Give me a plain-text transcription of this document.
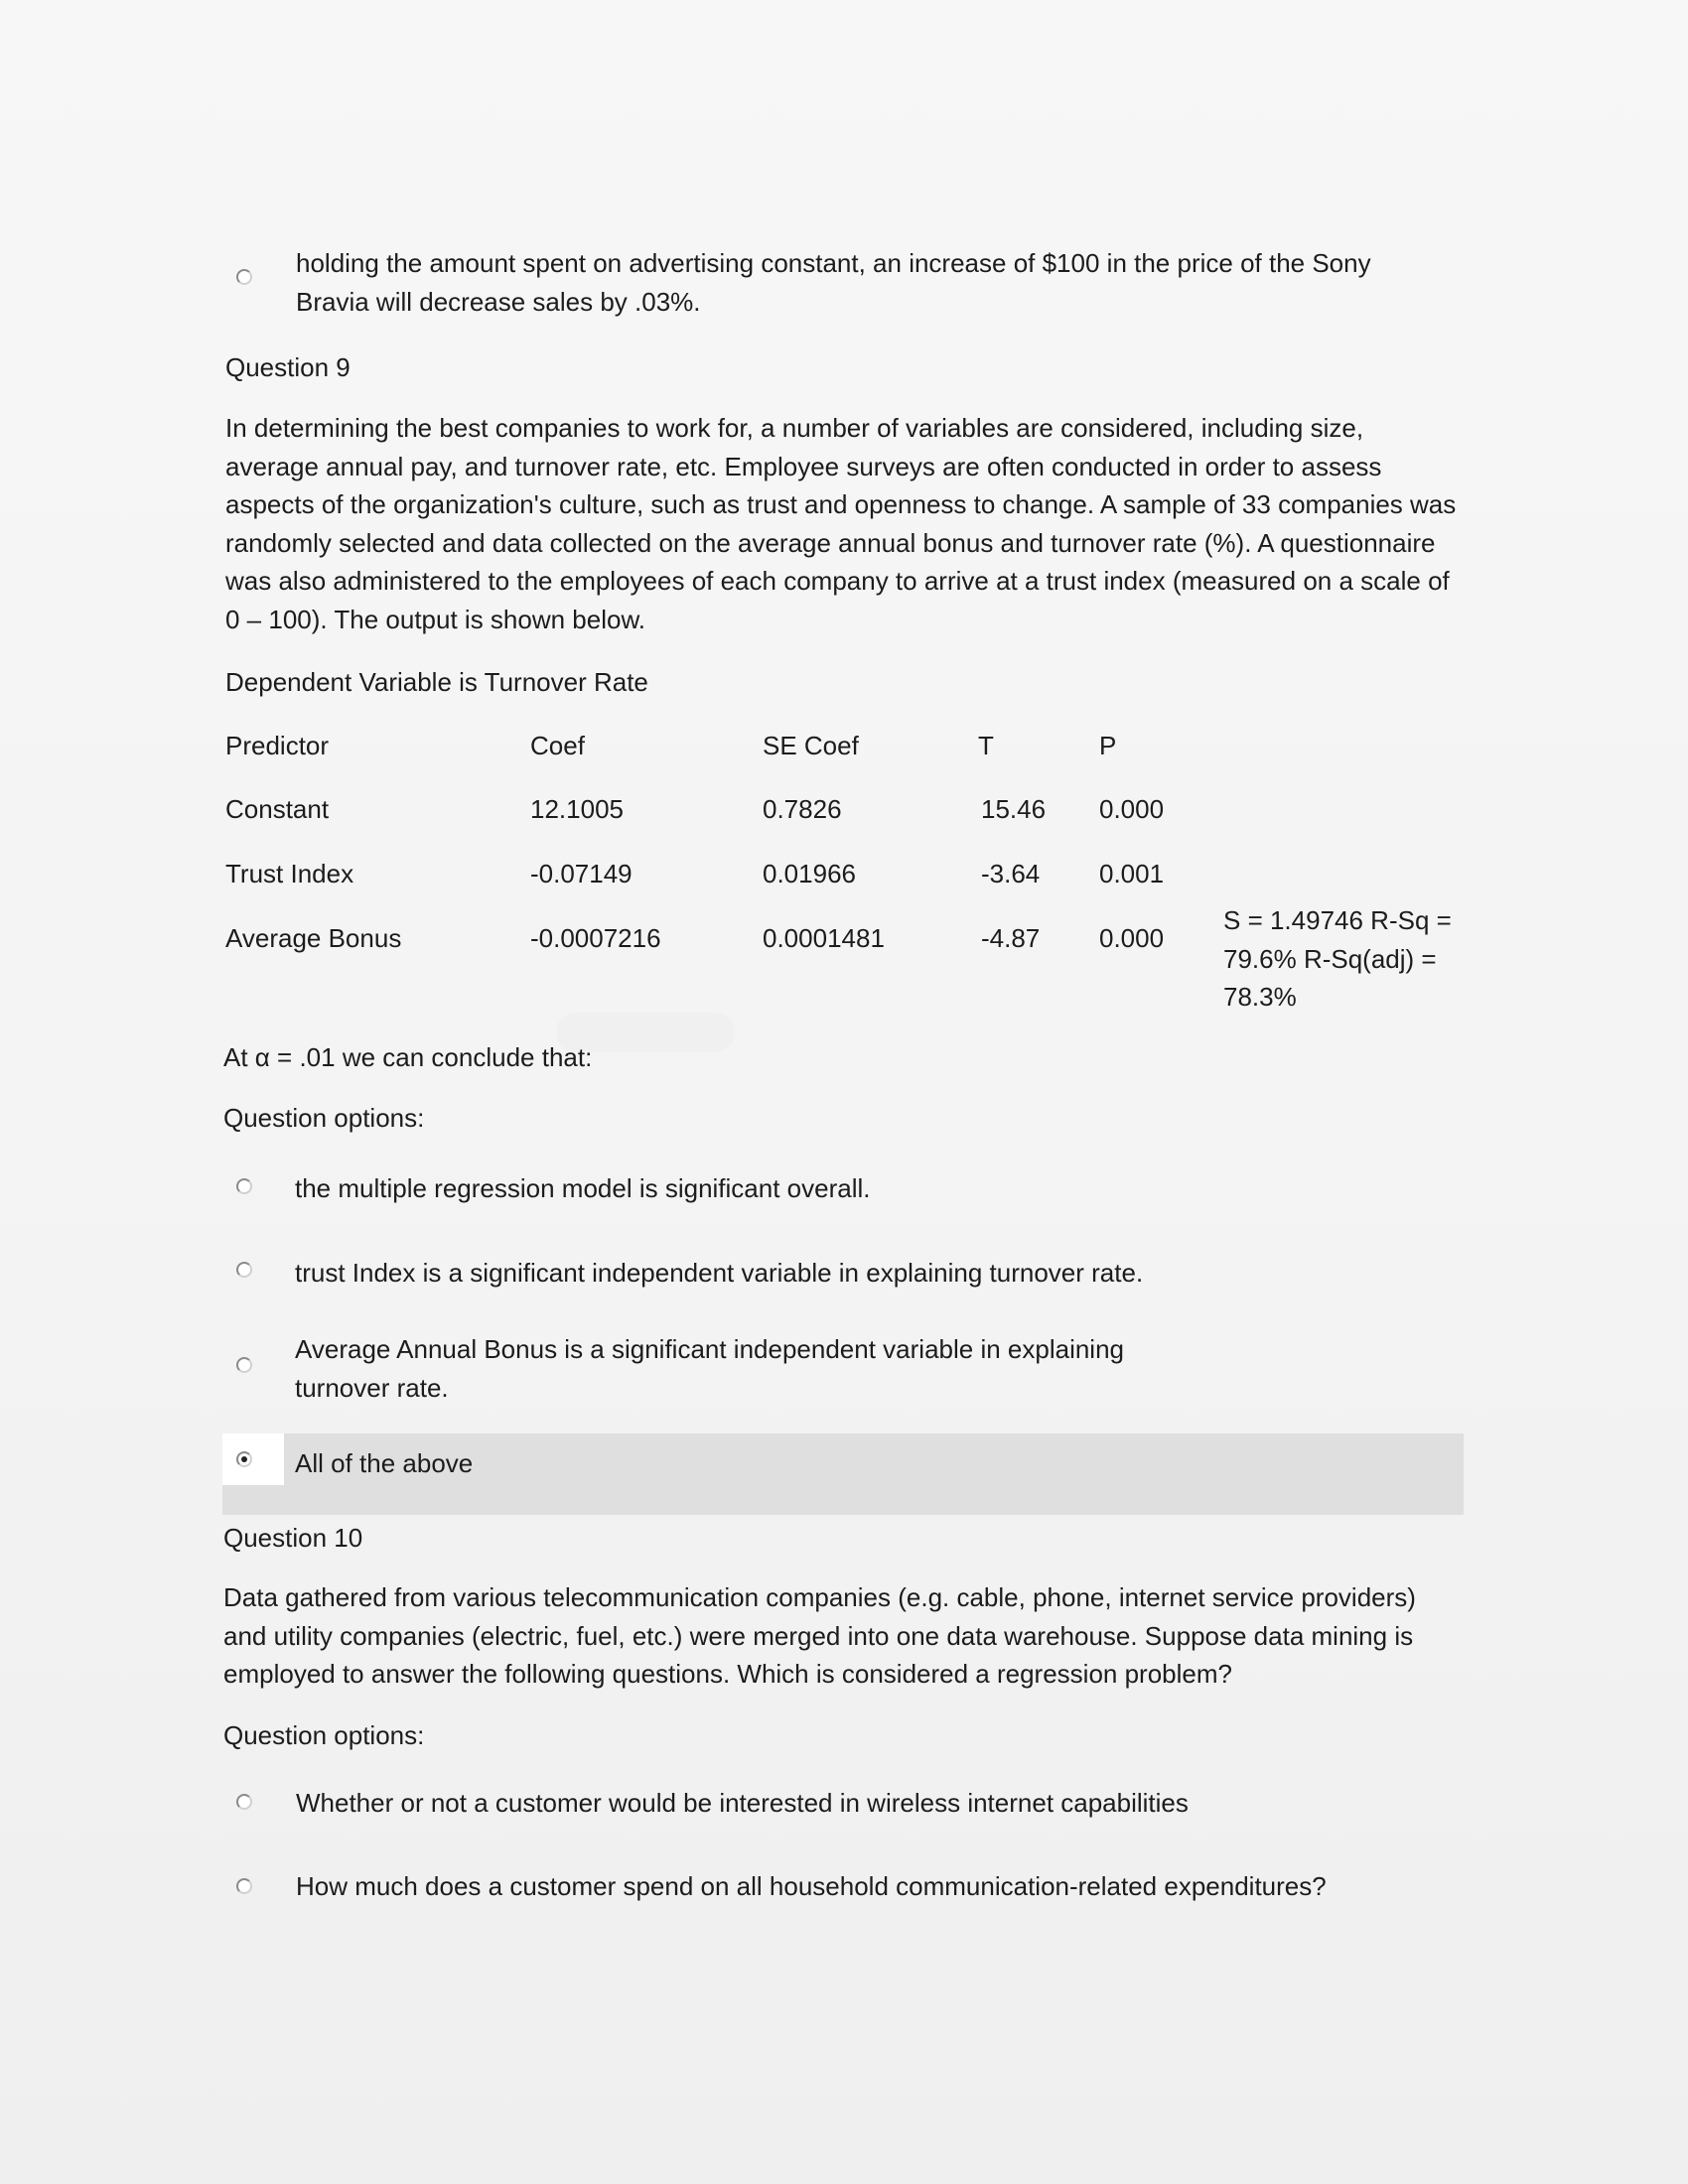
holding the amount spent on advertising constant, an increase of $100 in the price of the Sony Bravia will decrease sales by .03%.
Question 9
In determining the best companies to work for, a number of variables are considered, including size, average annual pay, and turnover rate, etc. Employee surveys are often conducted in order to assess aspects of the organization's culture, such as trust and openness to change. A sample of 33 companies was randomly selected and data collected on the average annual bonus and turnover rate (%). A questionnaire was also administered to the employees of each company to arrive at a trust index (measured on a scale of 0 – 100). The output is shown below.
Dependent Variable is Turnover Rate
Predictor	Coef	SE Coef	T	P
Constant	12.1005	0.7826	15.46 0.000
Trust Index	-0.07149	0.01966	-3.64 0.001
Average Bonus	-0.0007216	0.0001481	-4.87 0.000
S = 1.49746 R-Sq = 79.6% R-Sq(adj) = 78.3%
At α = .01 we can conclude that:
Question options:
the multiple regression model is significant overall.
trust Index is a significant independent variable in explaining turnover rate.
Average Annual Bonus is a significant independent variable in explaining turnover rate.
All of the above
Question 10
Data gathered from various telecommunication companies (e.g. cable, phone, internet service providers) and utility companies (electric, fuel, etc.) were merged into one data warehouse. Suppose data mining is employed to answer the following questions. Which is considered a regression problem?
Question options:
Whether or not a customer would be interested in wireless internet capabilities
How much does a customer spend on all household communication-related expenditures?
